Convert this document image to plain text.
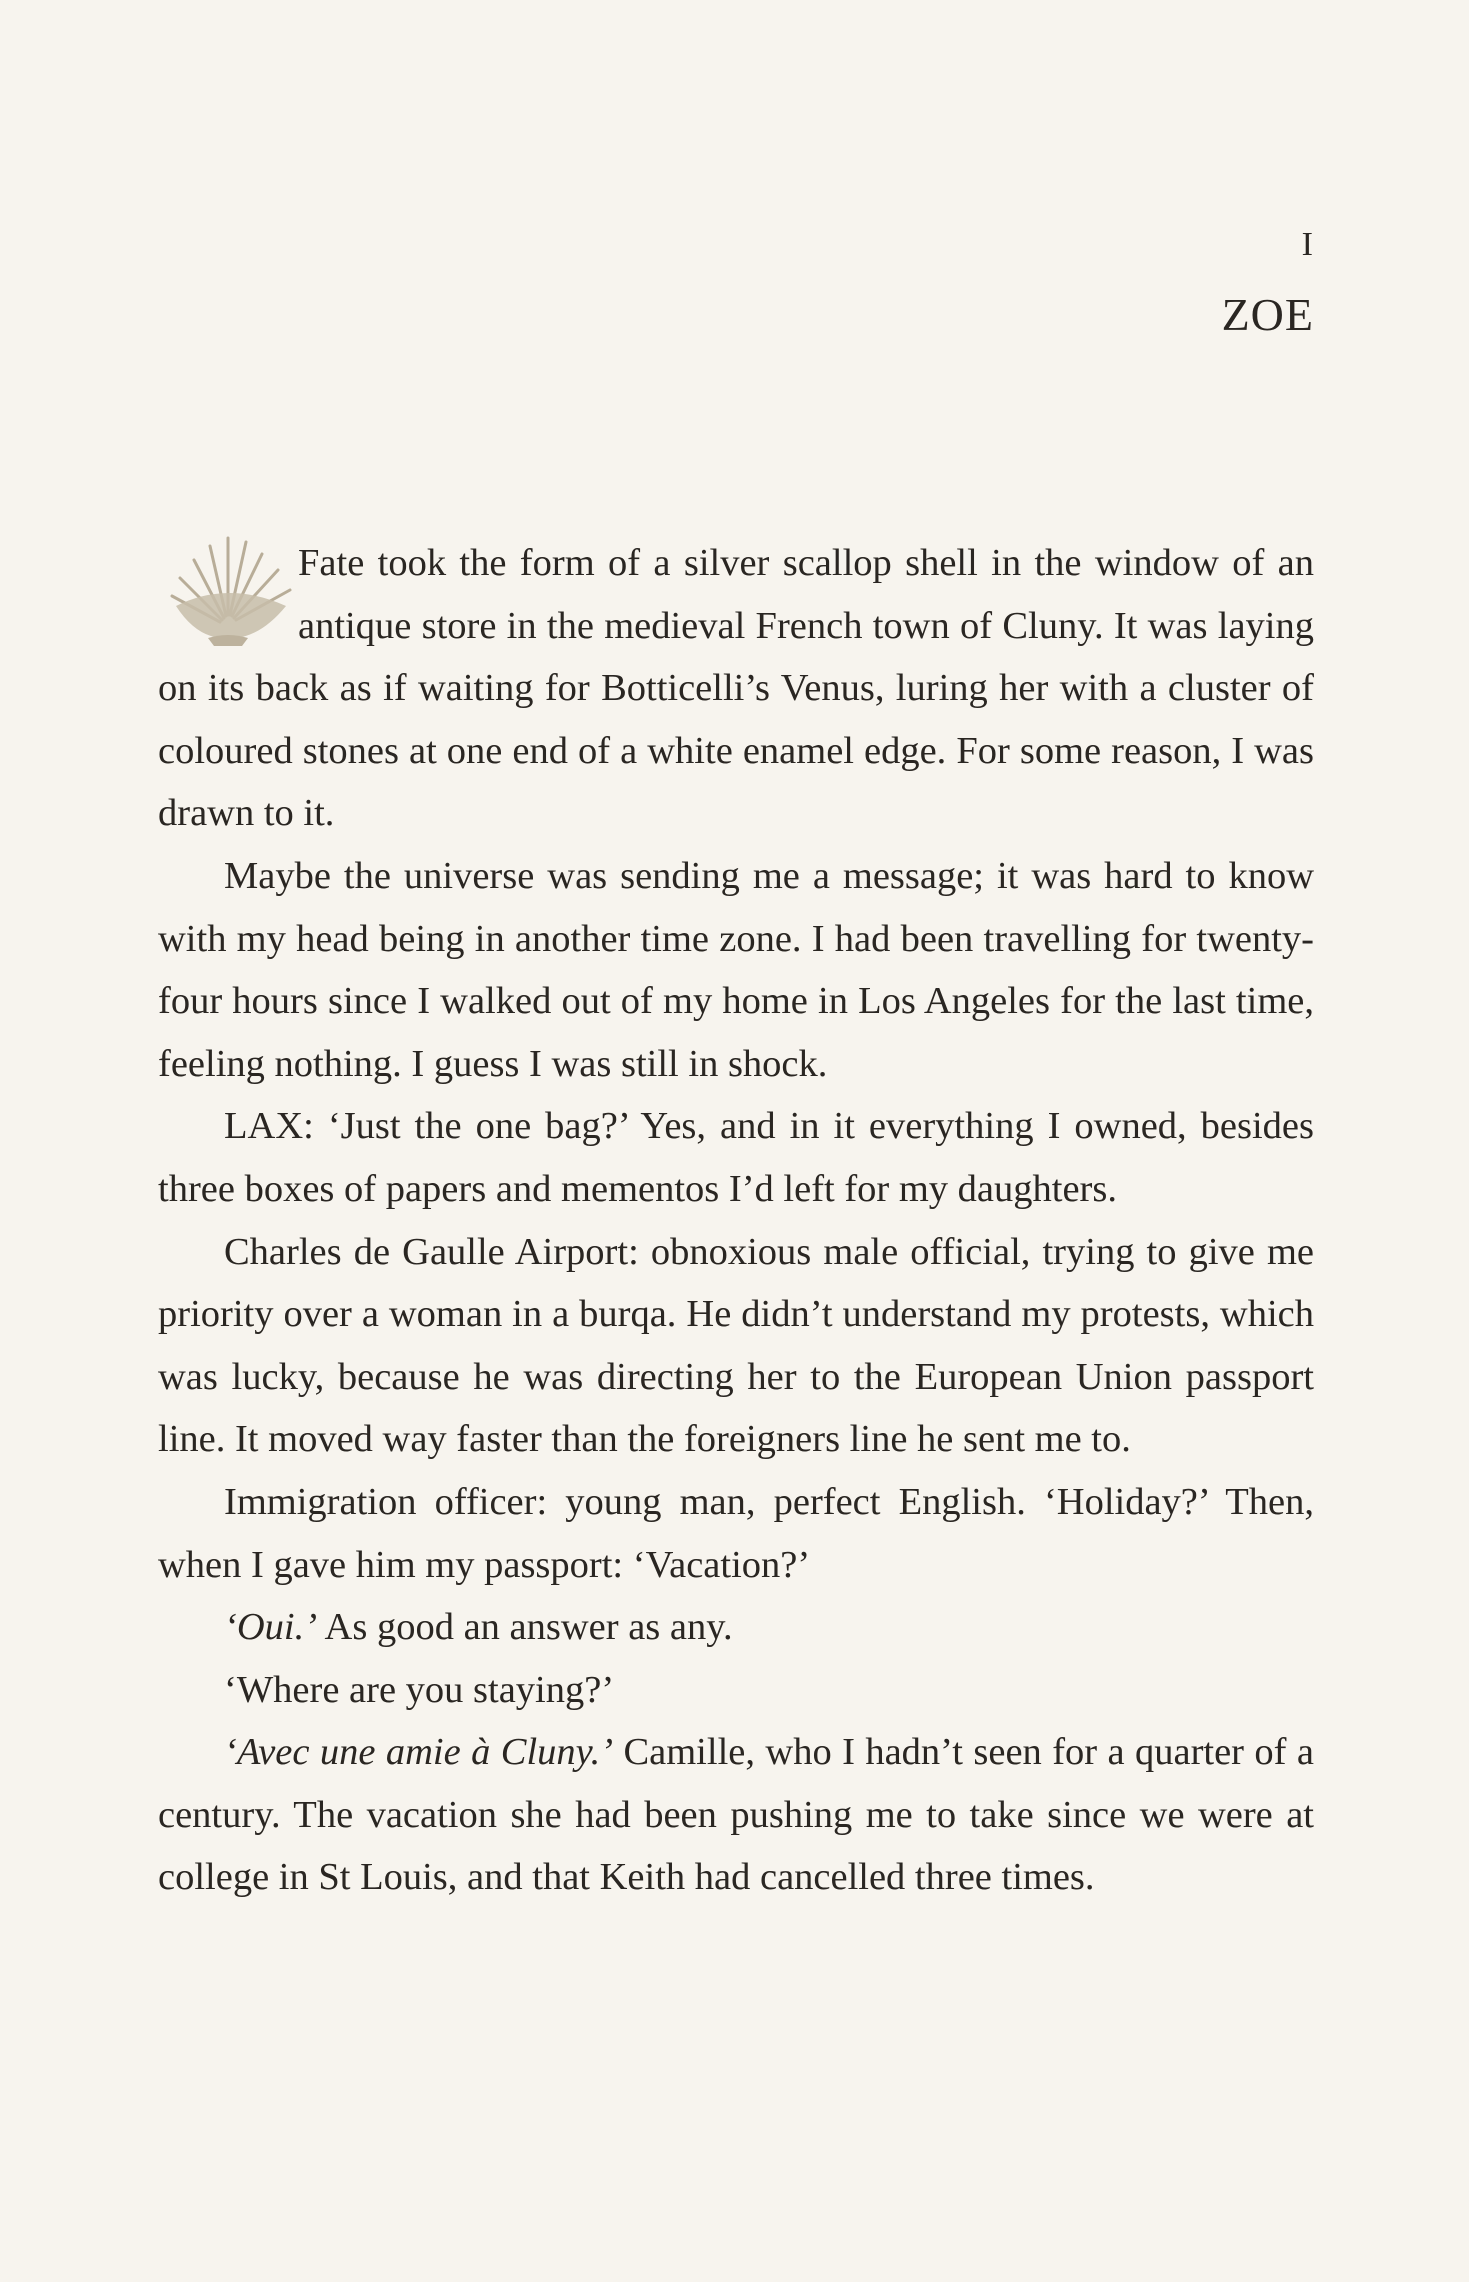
I
ZOE

Fate took the form of a silver scallop shell in the window of an antique store in the medieval French town of Cluny. It was laying on its back as if waiting for Botticelli’s Venus, luring her with a cluster of coloured stones at one end of a white enamel edge. For some reason, I was drawn to it.

Maybe the universe was sending me a message; it was hard to know with my head being in another time zone. I had been travelling for twenty-four hours since I walked out of my home in Los Angeles for the last time, feeling nothing. I guess I was still in shock.

LAX: ‘Just the one bag?’ Yes, and in it everything I owned, besides three boxes of papers and mementos I’d left for my daughters.

Charles de Gaulle Airport: obnoxious male official, trying to give me priority over a woman in a burqa. He didn’t understand my protests, which was lucky, because he was directing her to the European Union passport line. It moved way faster than the foreigners line he sent me to.

Immigration officer: young man, perfect English. ‘Holiday?’ Then, when I gave him my passport: ‘Vacation?’

‘Oui.’ As good an answer as any.

‘Where are you staying?’

‘Avec une amie à Cluny.’ Camille, who I hadn’t seen for a quarter of a century. The vacation she had been pushing me to take since we were at college in St Louis, and that Keith had cancelled three times.
